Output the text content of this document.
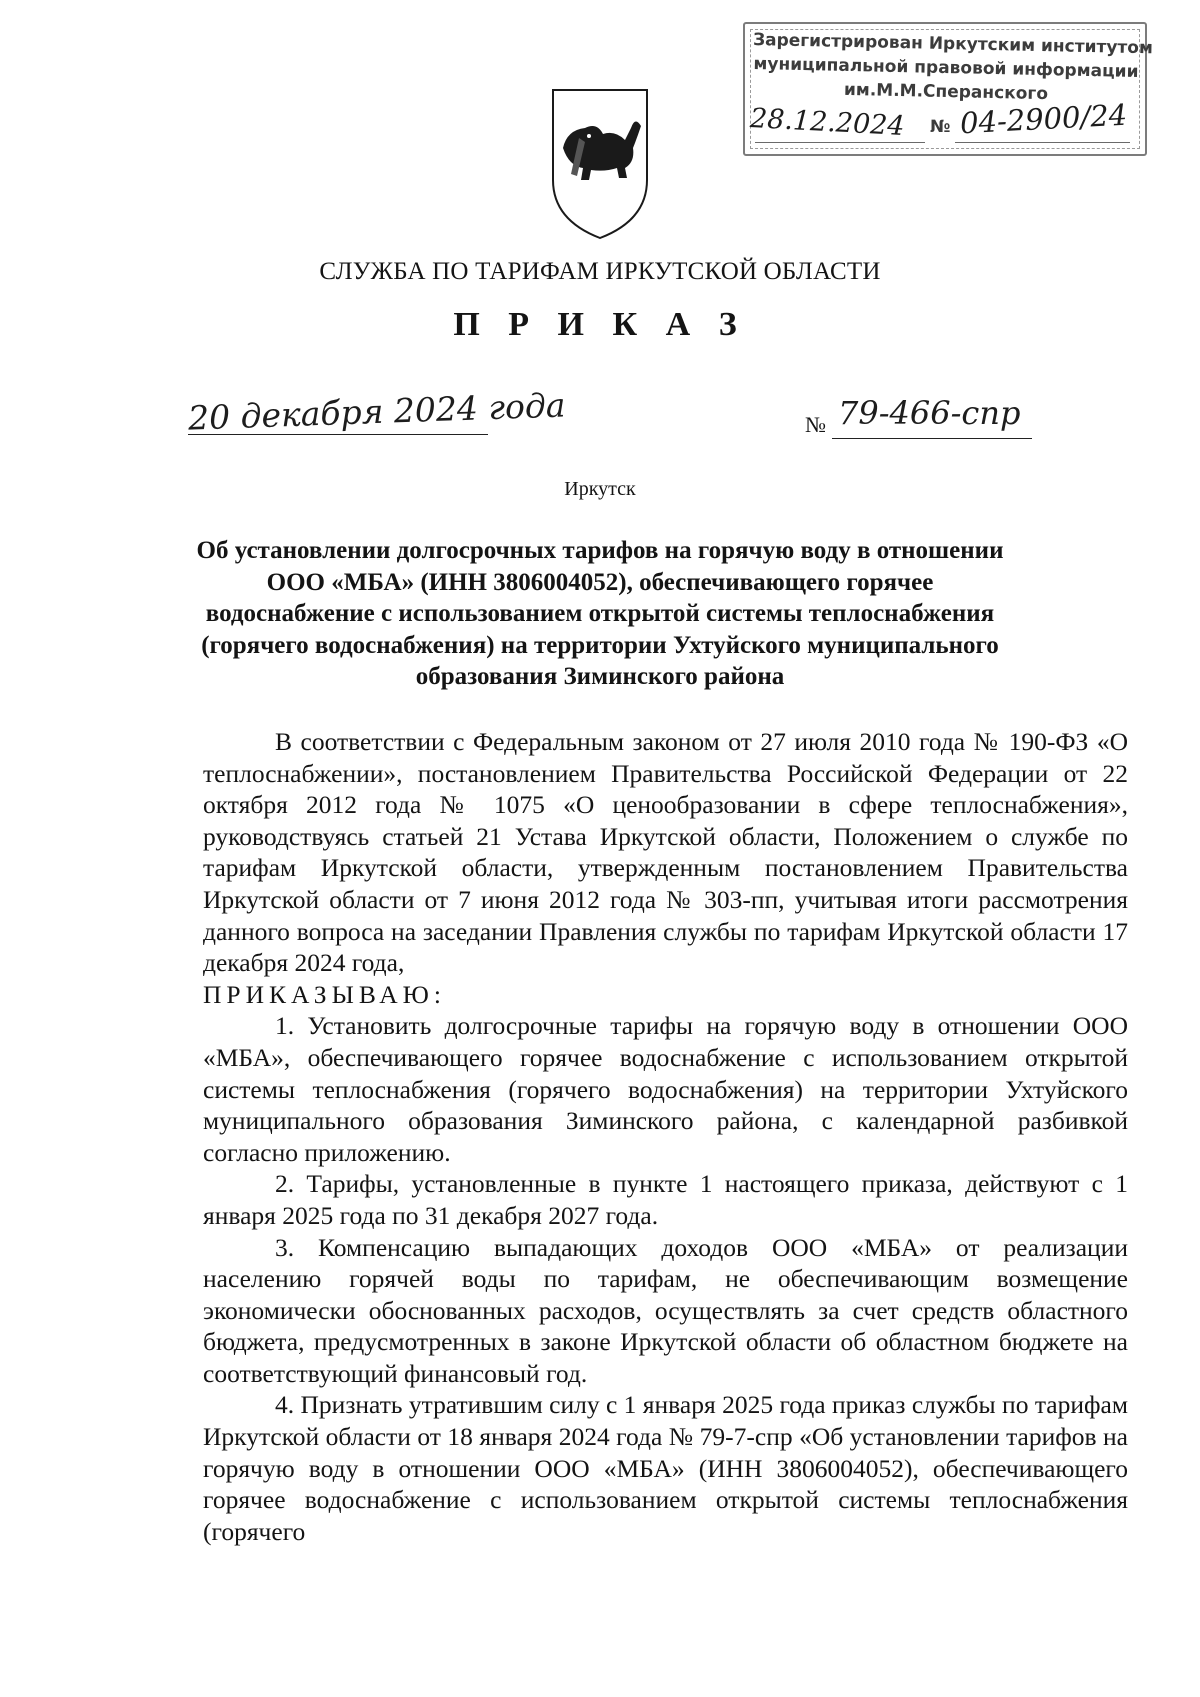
Зарегистрирован Иркутским институтом
муниципальной правовой информации
им.М.М.Сперанского
28.12.2024 № 04-2900/24
СЛУЖБА ПО ТАРИФАМ ИРКУТСКОЙ ОБЛАСТИ
П Р И К А З
20 декабря 2024 года	№ 79-466-спр
Иркутск
Об установлении долгосрочных тарифов на горячую воду в отношении
ООО «МБА» (ИНН 3806004052), обеспечивающего горячее
водоснабжение с использованием открытой системы теплоснабжения
(горячего водоснабжения) на территории Ухтуйского муниципального
образования Зиминского района

В соответствии с Федеральным законом от 27 июля 2010 года № 190-ФЗ «О теплоснабжении», постановлением Правительства Российской Федерации от 22 октября 2012 года № 1075 «О ценообразовании в сфере теплоснабжения», руководствуясь статьей 21 Устава Иркутской области, Положением о службе по тарифам Иркутской области, утвержденным постановлением Правительства Иркутской области от 7 июня 2012 года № 303-пп, учитывая итоги рассмотрения данного вопроса на заседании Правления службы по тарифам Иркутской области 17 декабря 2024 года,

ПРИКАЗЫВАЮ:

1. Установить долгосрочные тарифы на горячую воду в отношении ООО «МБА», обеспечивающего горячее водоснабжение с использованием открытой системы теплоснабжения (горячего водоснабжения) на территории Ухтуйского муниципального образования Зиминского района, с календарной разбивкой согласно приложению.

2. Тарифы, установленные в пункте 1 настоящего приказа, действуют с 1 января 2025 года по 31 декабря 2027 года.

3. Компенсацию выпадающих доходов ООО «МБА» от реализации населению горячей воды по тарифам, не обеспечивающим возмещение экономически обоснованных расходов, осуществлять за счет средств областного бюджета, предусмотренных в законе Иркутской области об областном бюджете на соответствующий финансовый год.

4. Признать утратившим силу с 1 января 2025 года приказ службы по тарифам Иркутской области от 18 января 2024 года № 79-7-спр «Об установлении тарифов на горячую воду в отношении ООО «МБА» (ИНН 3806004052), обеспечивающего горячее водоснабжение с использованием открытой системы теплоснабжения (горячего
